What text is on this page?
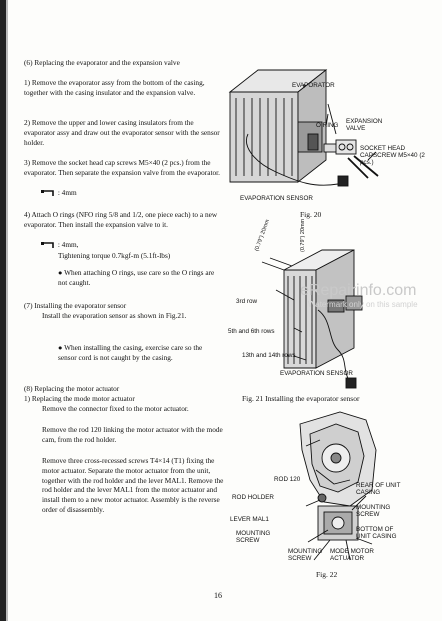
(6) Replacing the evaporator and the expansion valve
1) Remove the evaporator assy from the bottom of the casing, together with the casing insulator and the expansion valve.
2) Remove the upper and lower casing insulators from the evaporator assy and draw out the evaporator sensor with the sensor holder.
3) Remove the socket head cap screws M5×40 (2 pcs.) from the evaporator. Then separate the expansion valve from the evaporator.
: 4mm
4) Attach O rings (NFO ring 5/8 and 1/2, one piece each) to a new evaporator. Then install the expansion valve to it.
: 4mm,
Tightening torque 0.7kgf-m (5.1ft-lbs)
● When attaching O rings, use care so the O rings are not caught.
(7) Installing the evaporator sensor
Install the evaporation sensor as shown in Fig.21.
● When installing the casing, exercise care so the sensor cord is not caught by the casing.
(8) Replacing the motor actuator
1) Replacing the mode motor actuator
Remove the connector fixed to the motor actuator.
Remove the rod 120 linking the motor actuator with the mode cam, from the rod holder.
Remove three cross-recessed screws T4×14 (T1) fixing the motor actuator. Separate the motor actuator from the unit, together with the rod holder and the lever MAL1. Remove the rod holder and the lever MAL1 from the motor actuator and install them to a new motor actuator. Assembly is the reverse order of disassembly.
EVAPORATOR
O RING
EXPANSION VALVE
SOCKET HEAD CAPSCREW M5×40 (2 pcs.)
EVAPORATION SENSOR
Fig. 20
(0.79") 20mm	(0.79") 20mm
3rd row
5th and 6th rows
13th and 14th rows
EVAPORATION SENSOR
Fig. 21 Installing the evaporator sensor
ROD 120
ROD HOLDER
LEVER MAL1
MOUNTING SCREW
REAR OF UNIT CASING
MOUNTING SCREW
BOTTOM OF UNIT CASING
MOUNTING SCREW
MODE MOTOR ACTUATOR
Fig. 22
eRepairinfo.com
Watermark only on this sample
16
